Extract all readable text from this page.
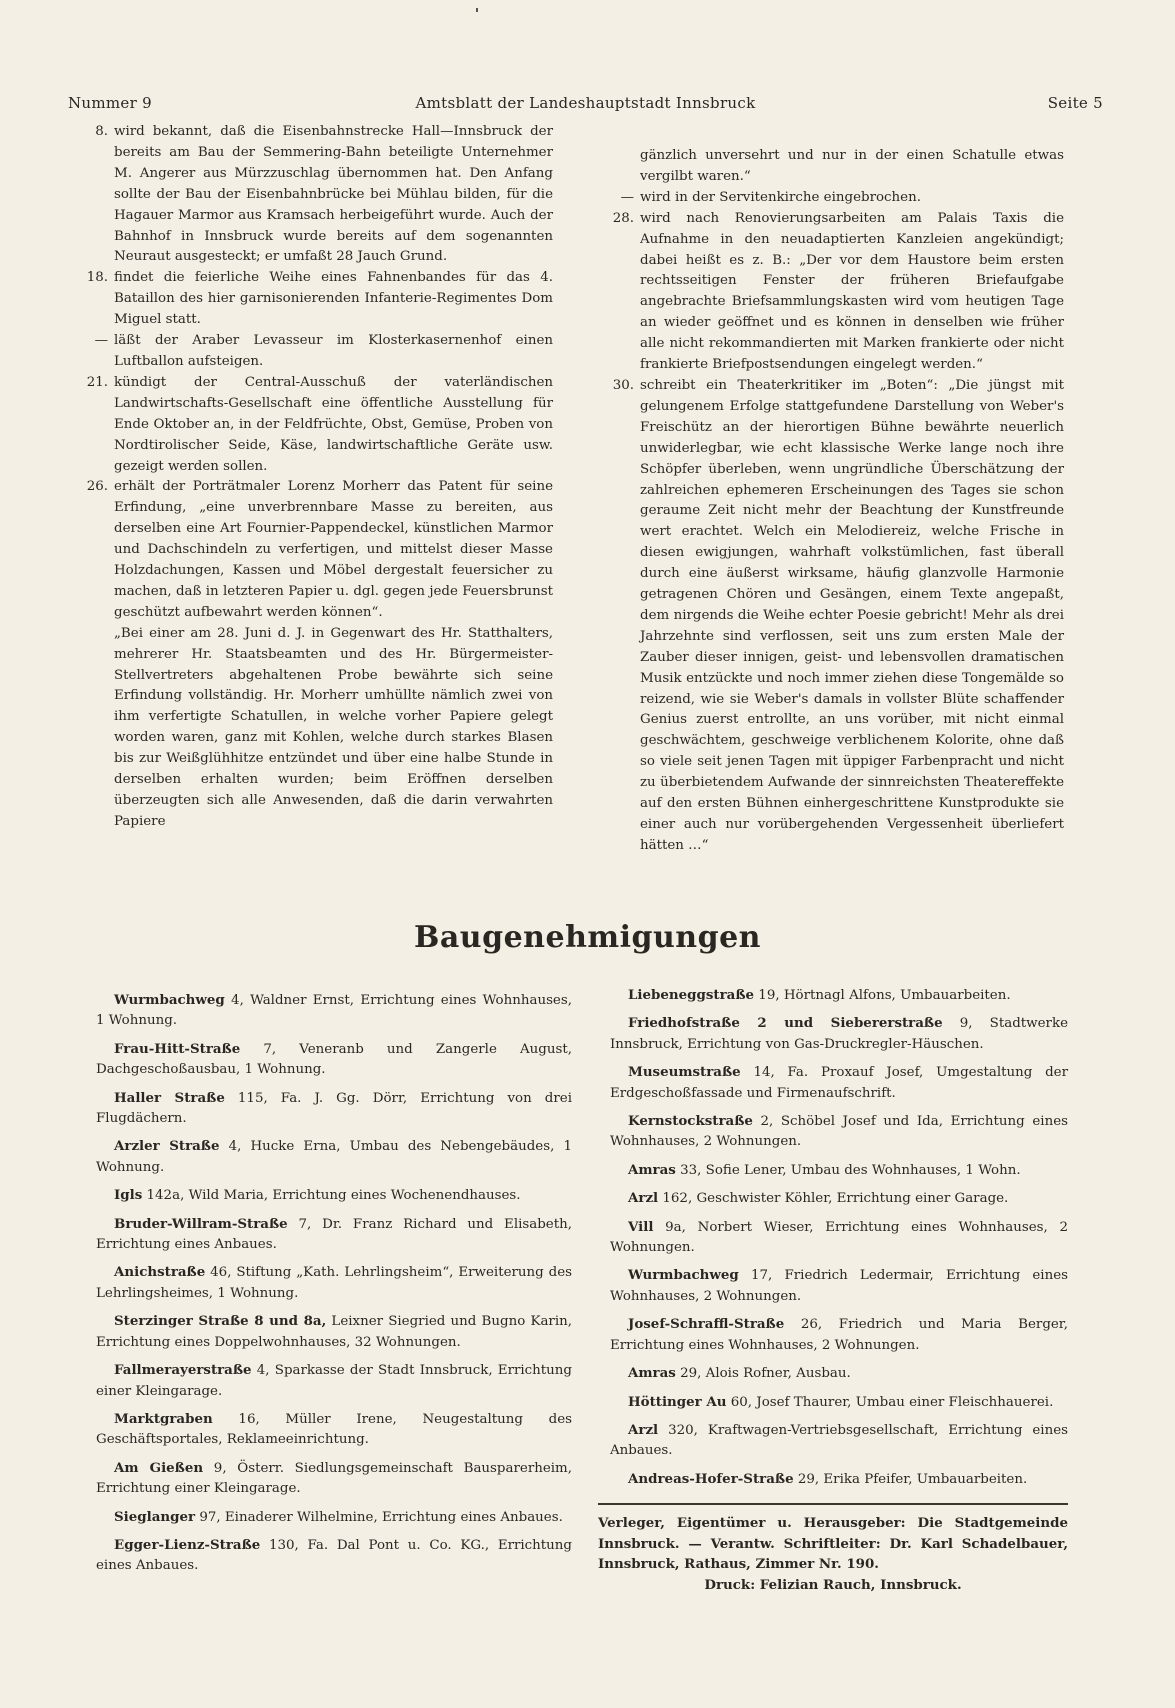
Nummer 9	Amtsblatt der Landeshauptstadt Innsbruck	Seite 5

8. wird bekannt, daß die Eisenbahnstrecke Hall—Innsbruck der bereits am Bau der Semmering-Bahn beteiligte Unternehmer M. Angerer aus Mürzzuschlag übernommen hat. Den Anfang sollte der Bau der Eisenbahnbrücke bei Mühlau bilden, für die Hagauer Marmor aus Kramsach herbeigeführt wurde. Auch der Bahnhof in Innsbruck wurde bereits auf dem sogenannten Neuraut ausgesteckt; er umfaßt 28 Jauch Grund.

18. findet die feierliche Weihe eines Fahnenbandes für das 4. Bataillon des hier garnisonierenden Infanterie-Regimentes Dom Miguel statt.

— läßt der Araber Levasseur im Klosterkasernenhof einen Luftballon aufsteigen.

21. kündigt der Central-Ausschuß der vaterländischen Landwirtschafts-Gesellschaft eine öffentliche Ausstellung für Ende Oktober an, in der Feldfrüchte, Obst, Gemüse, Proben von Nordtirolischer Seide, Käse, landwirtschaftliche Geräte usw. gezeigt werden sollen.

26. erhält der Porträtmaler Lorenz Morherr das Patent für seine Erfindung, „eine unverbrennbare Masse zu bereiten, aus derselben eine Art Fournier-Pappendeckel, künstlichen Marmor und Dachschindeln zu verfertigen, und mittelst dieser Masse Holzdachungen, Kassen und Möbel dergestalt feuersicher zu machen, daß in letzteren Papier u. dgl. gegen jede Feuersbrunst geschützt aufbewahrt werden können“.

„Bei einer am 28. Juni d. J. in Gegenwart des Hr. Statthalters, mehrerer Hr. Staatsbeamten und des Hr. Bürgermeister-Stellvertreters abgehaltenen Probe bewährte sich seine Erfindung vollständig. Hr. Morherr umhüllte nämlich zwei von ihm verfertigte Schatullen, in welche vorher Papiere gelegt worden waren, ganz mit Kohlen, welche durch starkes Blasen bis zur Weißglühhitze entzündet und über eine halbe Stunde in derselben erhalten wurden; beim Eröffnen derselben überzeugten sich alle Anwesenden, daß die darin verwahrten Papiere

gänzlich unversehrt und nur in der einen Schatulle etwas vergilbt waren.“

— wird in der Servitenkirche eingebrochen.

28. wird nach Renovierungsarbeiten am Palais Taxis die Aufnahme in den neuadaptierten Kanzleien angekündigt; dabei heißt es z. B.: „Der vor dem Haustore beim ersten rechtsseitigen Fenster der früheren Briefaufgabe angebrachte Briefsammlungskasten wird vom heutigen Tage an wieder geöffnet und es können in denselben wie früher alle nicht rekommandierten mit Marken frankierte oder nicht frankierte Briefpostsendungen eingelegt werden.“

30. schreibt ein Theaterkritiker im „Boten“: „Die jüngst mit gelungenem Erfolge stattgefundene Darstellung von Weber's Freischütz an der hierortigen Bühne bewährte neuerlich unwiderlegbar, wie echt klassische Werke lange noch ihre Schöpfer überleben, wenn ungründliche Überschätzung der zahlreichen ephemeren Erscheinungen des Tages sie schon geraume Zeit nicht mehr der Beachtung der Kunstfreunde wert erachtet. Welch ein Melodiereiz, welche Frische in diesen ewigjungen, wahrhaft volkstümlichen, fast überall durch eine äußerst wirksame, häufig glanzvolle Harmonie getragenen Chören und Gesängen, einem Texte angepaßt, dem nirgends die Weihe echter Poesie gebricht! Mehr als drei Jahrzehnte sind verflossen, seit uns zum ersten Male der Zauber dieser innigen, geist- und lebensvollen dramatischen Musik entzückte und noch immer ziehen diese Tongemälde so reizend, wie sie Weber's damals in vollster Blüte schaffender Genius zuerst entrollte, an uns vorüber, mit nicht einmal geschwächtem, geschweige verblichenem Kolorite, ohne daß so viele seit jenen Tagen mit üppiger Farbenpracht und nicht zu überbietendem Aufwande der sinnreichsten Theatereffekte auf den ersten Bühnen einhergeschrittene Kunstprodukte sie einer auch nur vorübergehenden Vergessenheit überliefert hätten …“

Baugenehmigungen

Wurmbachweg 4, Waldner Ernst, Errichtung eines Wohnhauses, 1 Wohnung.

Frau-Hitt-Straße 7, Veneranb und Zangerle August, Dachgeschoßausbau, 1 Wohnung.

Haller Straße 115, Fa. J. Gg. Dörr, Errichtung von drei Flugdächern.

Arzler Straße 4, Hucke Erna, Umbau des Nebengebäudes, 1 Wohnung.

Igls 142a, Wild Maria, Errichtung eines Wochenendhauses.

Bruder-Willram-Straße 7, Dr. Franz Richard und Elisabeth, Errichtung eines Anbaues.

Anichstraße 46, Stiftung „Kath. Lehrlingsheim“, Erweiterung des Lehrlingsheimes, 1 Wohnung.

Sterzinger Straße 8 und 8a, Leixner Siegried und Bugno Karin, Errichtung eines Doppelwohnhauses, 32 Wohnungen.

Fallmerayerstraße 4, Sparkasse der Stadt Innsbruck, Errichtung einer Kleingarage.

Marktgraben 16, Müller Irene, Neugestaltung des Geschäftsportales, Reklameeinrichtung.

Am Gießen 9, Österr. Siedlungsgemeinschaft Bausparerheim, Errichtung einer Kleingarage.

Sieglanger 97, Einaderer Wilhelmine, Errichtung eines Anbaues.

Egger-Lienz-Straße 130, Fa. Dal Pont u. Co. KG., Errichtung eines Anbaues.

Liebeneggstraße 19, Hörtnagl Alfons, Umbauarbeiten.

Friedhofstraße 2 und Siebererstraße 9, Stadtwerke Innsbruck, Errichtung von Gas-Druckregler-Häuschen.

Museumstraße 14, Fa. Proxauf Josef, Umgestaltung der Erdgeschoßfassade und Firmenaufschrift.

Kernstockstraße 2, Schöbel Josef und Ida, Errichtung eines Wohnhauses, 2 Wohnungen.

Amras 33, Sofie Lener, Umbau des Wohnhauses, 1 Wohn.

Arzl 162, Geschwister Köhler, Errichtung einer Garage.

Vill 9a, Norbert Wieser, Errichtung eines Wohnhauses, 2 Wohnungen.

Wurmbachweg 17, Friedrich Ledermair, Errichtung eines Wohnhauses, 2 Wohnungen.

Josef-Schraffl-Straße 26, Friedrich und Maria Berger, Errichtung eines Wohnhauses, 2 Wohnungen.

Amras 29, Alois Rofner, Ausbau.

Höttinger Au 60, Josef Thaurer, Umbau einer Fleischhauerei.

Arzl 320, Kraftwagen-Vertriebsgesellschaft, Errichtung eines Anbaues.

Andreas-Hofer-Straße 29, Erika Pfeifer, Umbauarbeiten.

Verleger, Eigentümer u. Herausgeber: Die Stadtgemeinde Innsbruck. — Verantw. Schriftleiter: Dr. Karl Schadelbauer, Innsbruck, Rathaus, Zimmer Nr. 190.
Druck: Felizian Rauch, Innsbruck.
